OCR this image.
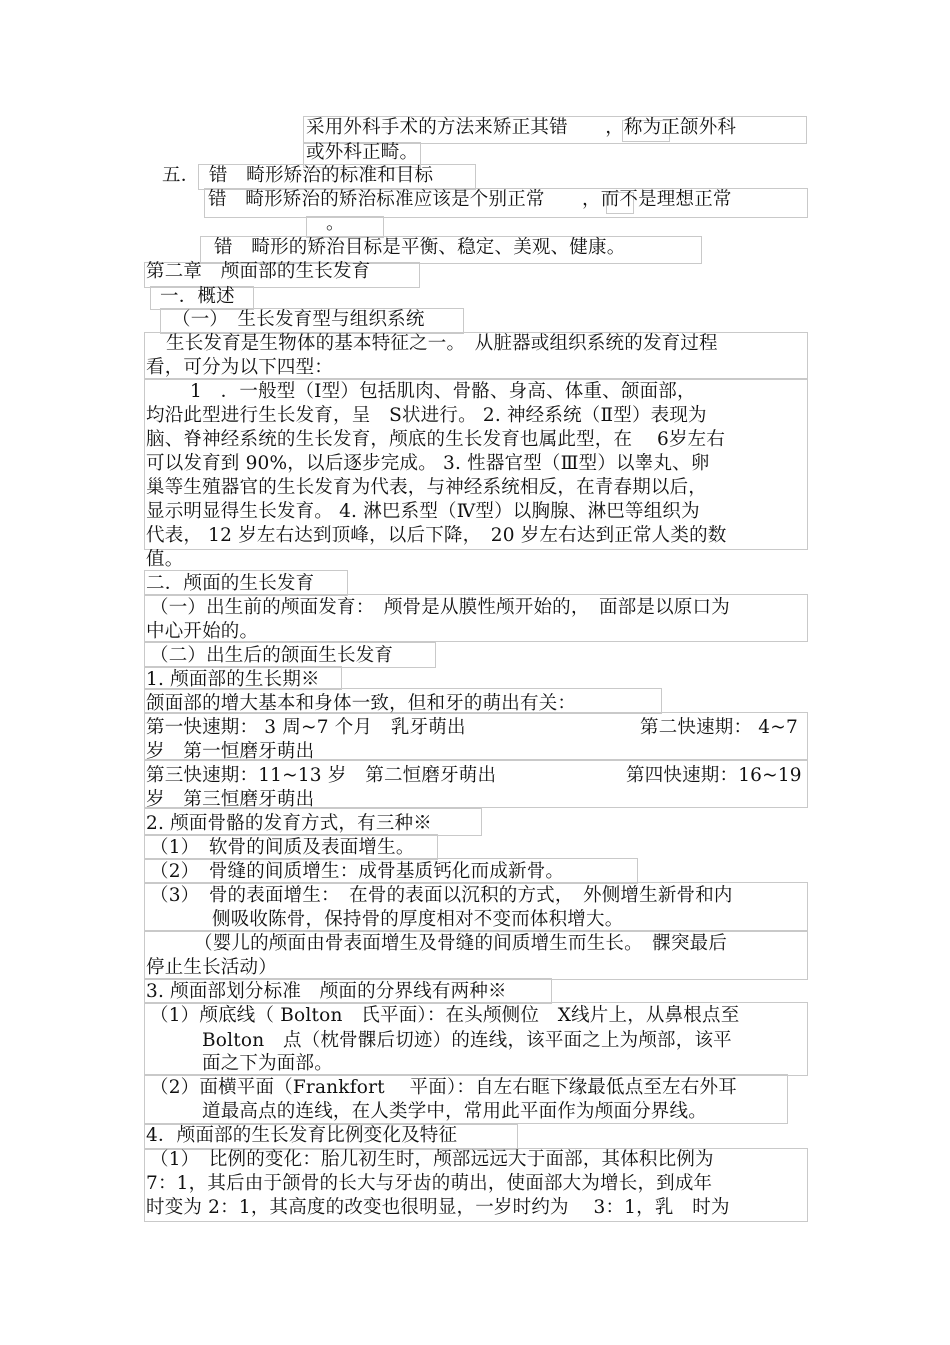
采用外科手术的方法来矫正其错　　，称为正颌外科
或外科正畸。
五．　错　畸形矫治的标准和目标
错　畸形矫治的矫治标准应该是个别正常　　，而不是理想正常
。
错　畸形的矫治目标是平衡、稳定、美观、健康。
第二章　颅面部的生长发育
一．概述
（一）　生长发育型与组织系统
生长发育是生物体的基本特征之一。　从脏器或组织系统的发育过程
看，可分为以下四型：
1　．一般型（Ⅰ型）包括肌肉、骨骼、身高、体重、颌面部，
均沿此型进行生长发育，呈　S状进行。 2. 神经系统（Ⅱ型）表现为
脑、脊神经系统的生长发育，颅底的生长发育也属此型，在　 6岁左右
可以发育到 90%，以后逐步完成。 3. 性器官型（Ⅲ型）以睾丸、卵
巢等生殖器官的生长发育为代表，与神经系统相反，在青春期以后，
显示明显得生长发育。 4. 淋巴系型（Ⅳ型）以胸腺、淋巴等组织为
代表， 12 岁左右达到顶峰，以后下降，　20 岁左右达到正常人类的数
值。
二．颅面的生长发育
（一）出生前的颅面发育：　颅骨是从膜性颅开始的，　面部是以原口为
中心开始的。
（二）出生后的颌面生长发育
1. 颅面部的生长期※
颌面部的增大基本和身体一致，但和牙的萌出有关：
第一快速期： 3 周~7 个月　乳牙萌出	第二快速期： 4~7
岁　第一恒磨牙萌出
第三快速期：11~13 岁　第二恒磨牙萌出	第四快速期：16~19
岁　第三恒磨牙萌出
2. 颅面骨骼的发育方式，有三种※
（1）　软骨的间质及表面增生。
（2）　骨缝的间质增生：成骨基质钙化而成新骨。
（3）　骨的表面增生：　在骨的表面以沉积的方式，　外侧增生新骨和内
侧吸收陈骨，保持骨的厚度相对不变而体积增大。
（婴儿的颅面由骨表面增生及骨缝的间质增生而生长。　髁突最后
停止生长活动）
3. 颅面部划分标准　颅面的分界线有两种※
（1）颅底线（ Bolton　氏平面）：在头颅侧位　X线片上，从鼻根点至
Bolton　点（枕骨髁后切迹）的连线，该平面之上为颅部，该平
面之下为面部。
（2）面横平面（Frankfort　 平面）：自左右眶下缘最低点至左右外耳
道最高点的连线，在人类学中，常用此平面作为颅面分界线。
4．颅面部的生长发育比例变化及特征
（1）　比例的变化：胎儿初生时，颅部远远大于面部，其体积比例为
7：1，其后由于颌骨的长大与牙齿的萌出，使面部大为增长，到成年
时变为 2：1，其高度的改变也很明显，一岁时约为　 3：1，乳　时为
